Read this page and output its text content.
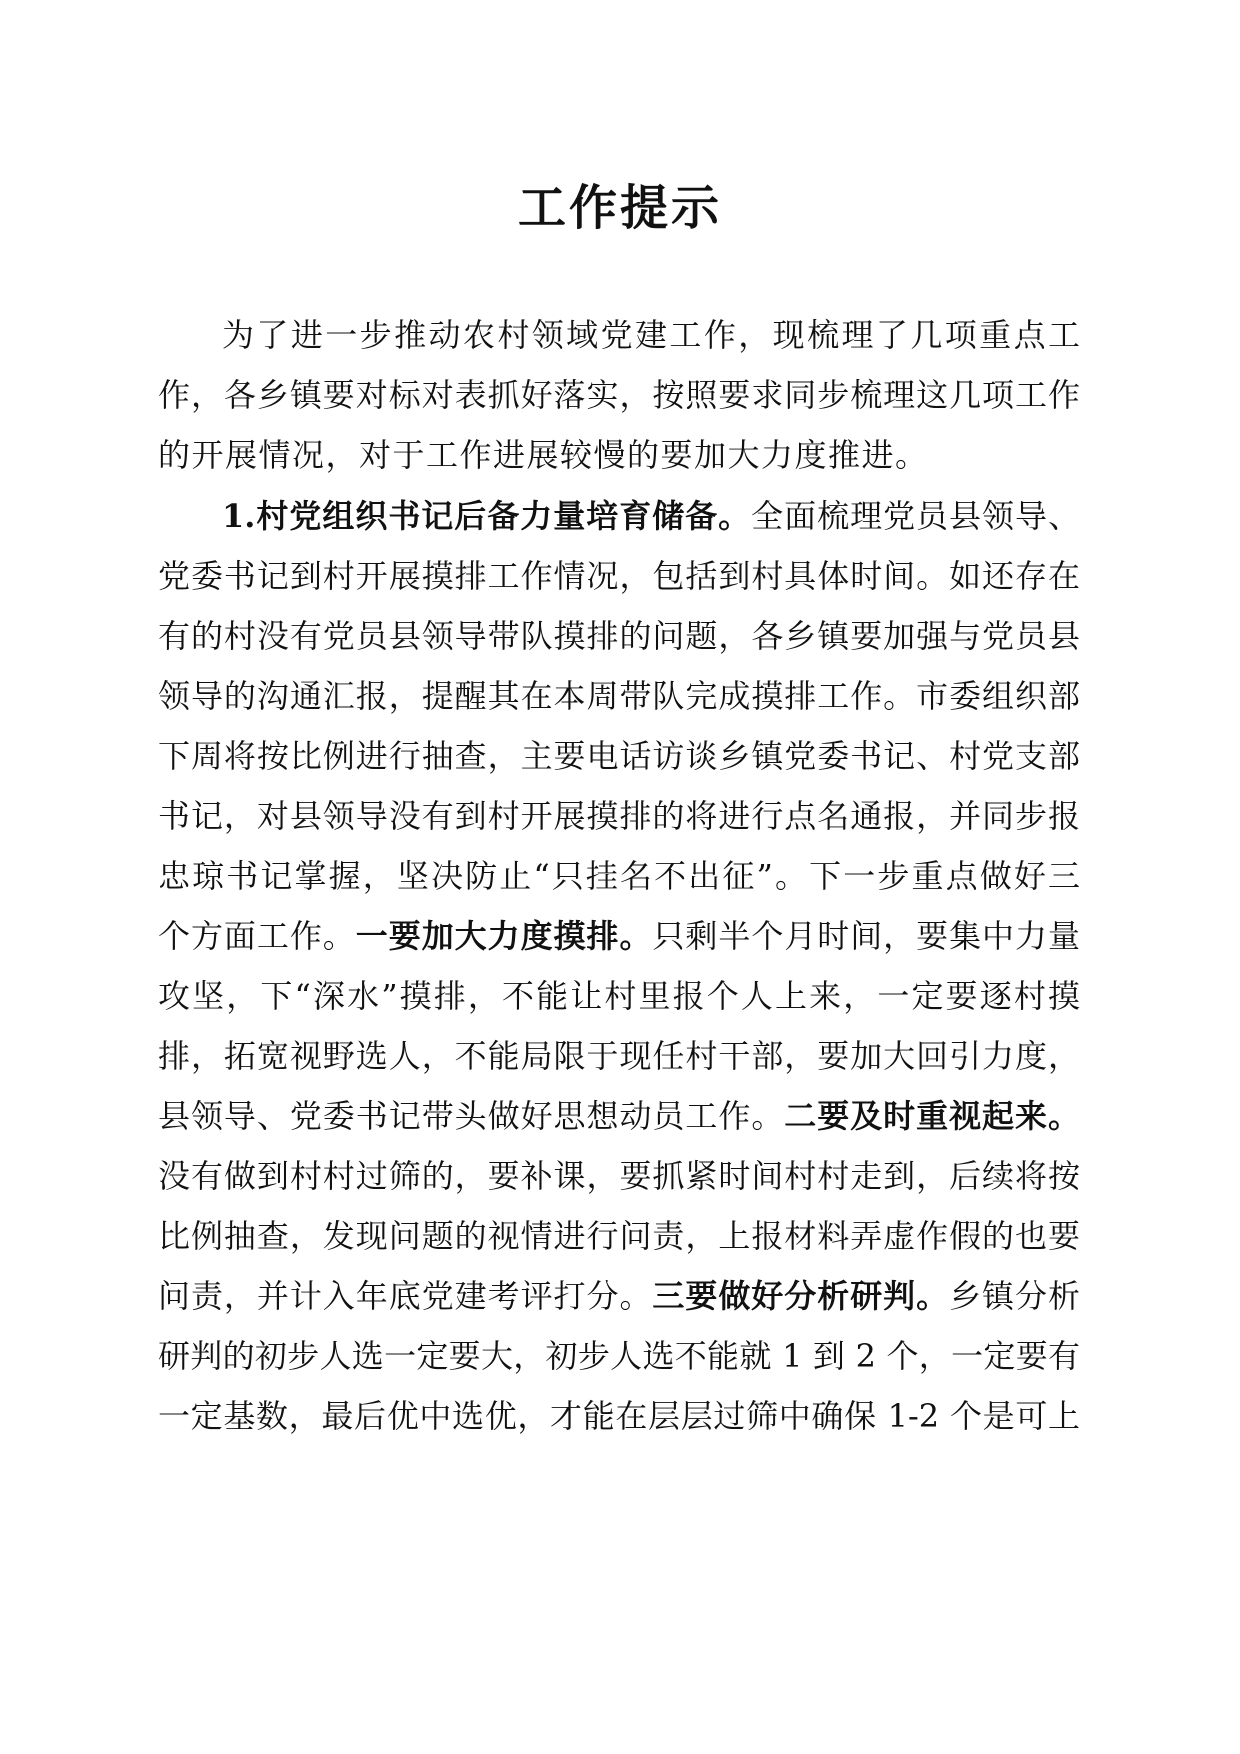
工作提示
为了进一步推动农村领域党建工作，现梳理了几项重点工
作，各乡镇要对标对表抓好落实，按照要求同步梳理这几项工作
的开展情况，对于工作进展较慢的要加大力度推进。
1.村党组织书记后备力量培育储备。全面梳理党员县领导、
党委书记到村开展摸排工作情况，包括到村具体时间。如还存在
有的村没有党员县领导带队摸排的问题，各乡镇要加强与党员县
领导的沟通汇报，提醒其在本周带队完成摸排工作。市委组织部
下周将按比例进行抽查，主要电话访谈乡镇党委书记、村党支部
书记，对县领导没有到村开展摸排的将进行点名通报，并同步报
忠琼书记掌握，坚决防止“只挂名不出征”。下一步重点做好三
个方面工作。一要加大力度摸排。只剩半个月时间，要集中力量
攻坚，下“深水”摸排，不能让村里报个人上来，一定要逐村摸
排，拓宽视野选人，不能局限于现任村干部，要加大回引力度，
县领导、党委书记带头做好思想动员工作。二要及时重视起来。
没有做到村村过筛的，要补课，要抓紧时间村村走到，后续将按
比例抽查，发现问题的视情进行问责，上报材料弄虚作假的也要
问责，并计入年底党建考评打分。三要做好分析研判。乡镇分析
研判的初步人选一定要大，初步人选不能就 1 到 2 个，一定要有
一定基数，最后优中选优，才能在层层过筛中确保 1-2 个是可上
